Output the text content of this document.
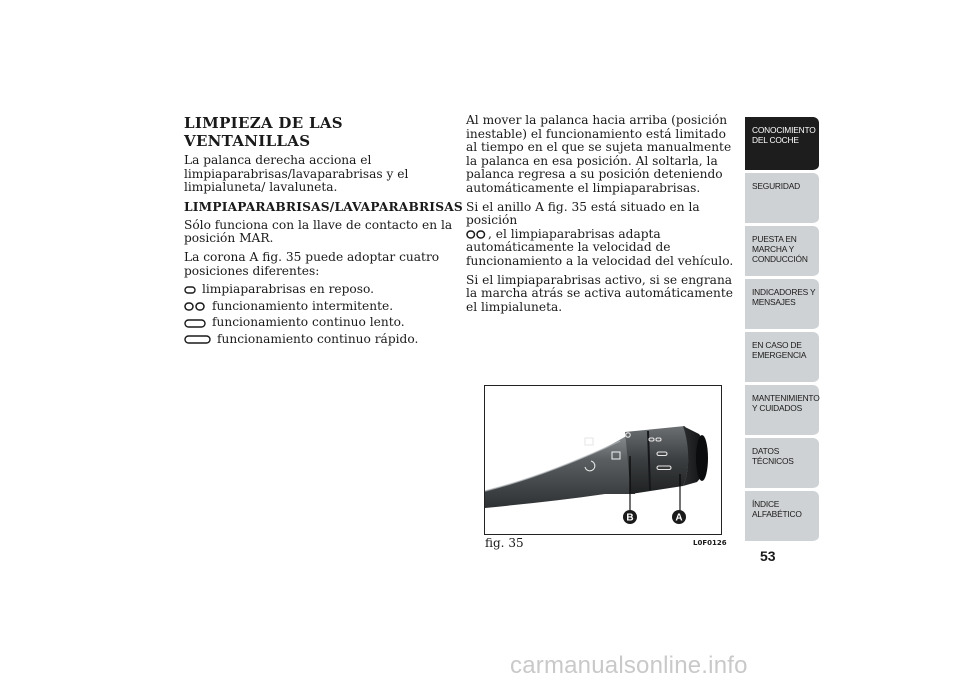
LIMPIEZA DE LAS VENTANILLAS

La palanca derecha acciona el limpiaparabrisas/lavaparabrisas y el limpialuneta/ lavaluneta.

LIMPIAPARABRISAS/LAVAPARABRISAS

Sólo funciona con la llave de contacto en la posición MAR.

La corona A fig. 35 puede adoptar cuatro posiciones diferentes:

limpiaparabrisas en reposo.
funcionamiento intermitente.
funcionamiento continuo lento.
funcionamiento continuo rápido.

Al mover la palanca hacia arriba (posición inestable) el funcionamiento está limitado al tiempo en el que se sujeta manualmente la palanca en esa posición. Al soltarla, la palanca regresa a su posición deteniendo automáticamente el limpiaparabrisas.

Si el anillo A fig. 35 está situado en la posición
, el limpiaparabrisas adapta automáticamente la velocidad de funcionamiento a la velocidad del vehículo.

Si el limpiaparabrisas activo, si se engrana la marcha atrás se activa automáticamente el limpialuneta.

B	A
fig. 35	L0F0126
CONOCIMIENTO DEL COCHE
SEGURIDAD
PUESTA EN MARCHA Y CONDUCCIÓN
INDICADORES Y MENSAJES
EN CASO DE EMERGENCIA
MANTENIMIENTO Y CUIDADOS
DATOS TÉCNICOS
ÍNDICE ALFABÉTICO
53
carmanualsonline.info
